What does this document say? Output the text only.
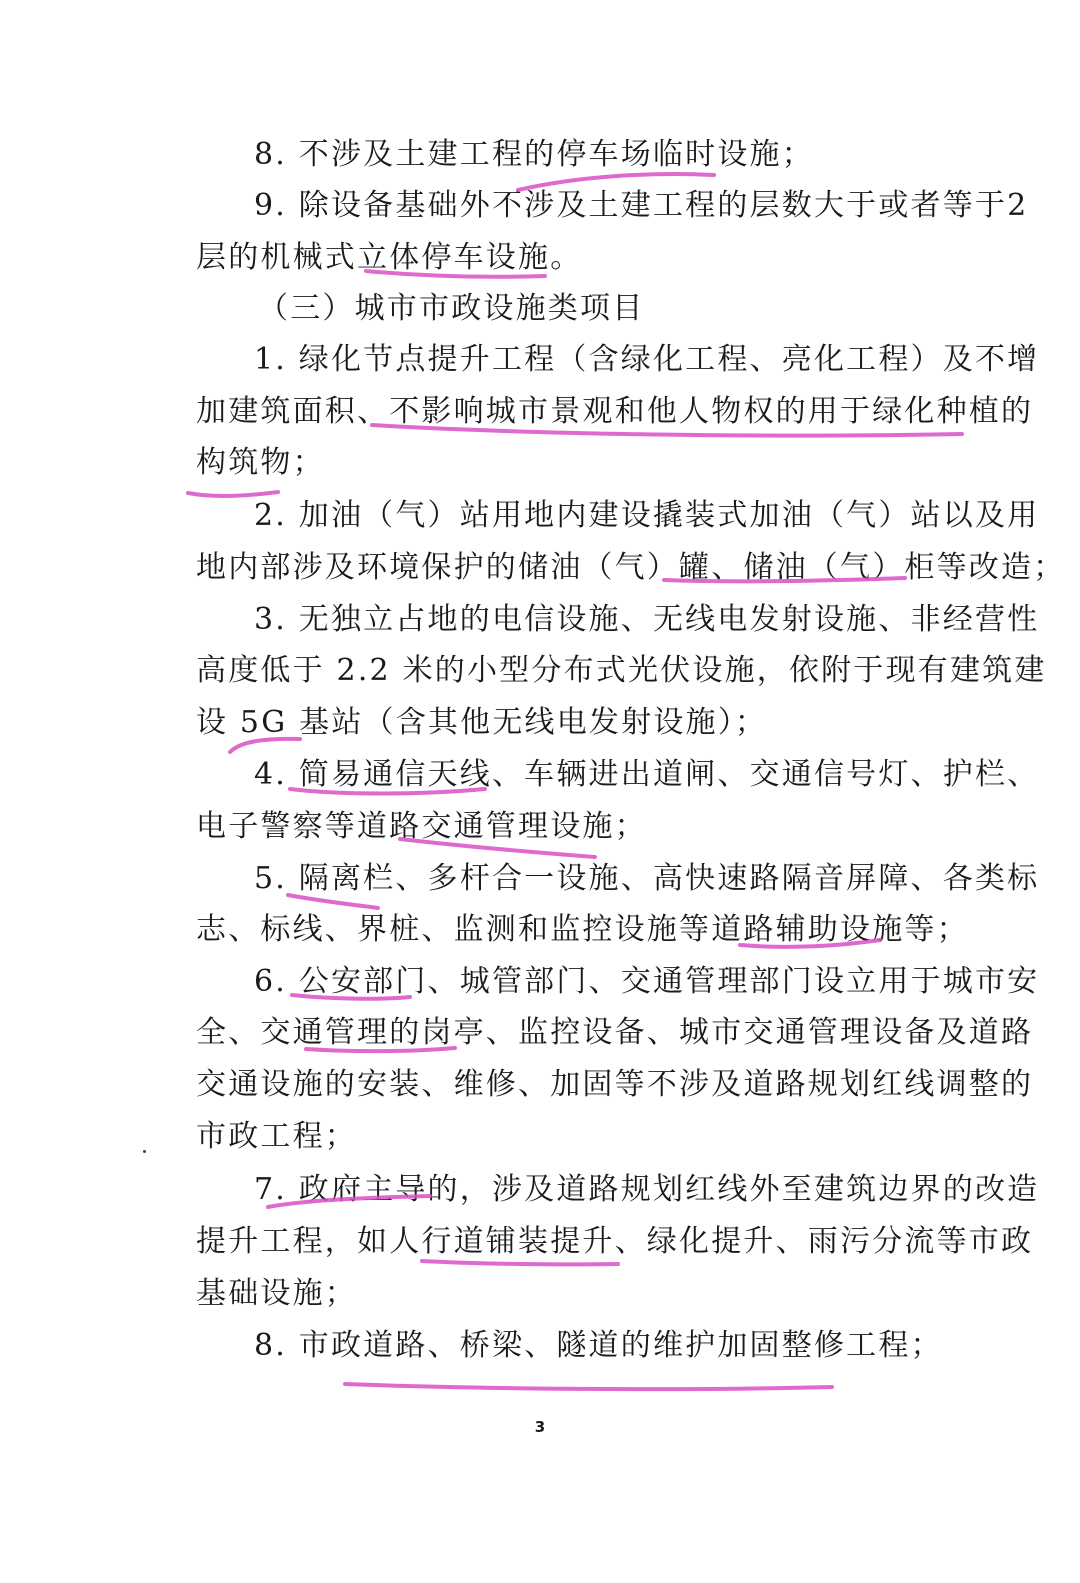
8. 不涉及土建工程的停车场临时设施；
9. 除设备基础外不涉及土建工程的层数大于或者等于2
层的机械式立体停车设施。
（三）城市市政设施类项目
1. 绿化节点提升工程（含绿化工程、亮化工程）及不增
加建筑面积、不影响城市景观和他人物权的用于绿化种植的
构筑物；
2. 加油（气）站用地内建设撬装式加油（气）站以及用
地内部涉及环境保护的储油（气）罐、储油（气）柜等改造；
3. 无独立占地的电信设施、无线电发射设施、非经营性
高度低于 2.2 米的小型分布式光伏设施，依附于现有建筑建
设 5G 基站（含其他无线电发射设施）；
4. 简易通信天线、车辆进出道闸、交通信号灯、护栏、
电子警察等道路交通管理设施；
5. 隔离栏、多杆合一设施、高快速路隔音屏障、各类标
志、标线、界桩、监测和监控设施等道路辅助设施等；
6. 公安部门、城管部门、交通管理部门设立用于城市安
全、交通管理的岗亭、监控设备、城市交通管理设备及道路
交通设施的安装、维修、加固等不涉及道路规划红线调整的
市政工程；
7. 政府主导的，涉及道路规划红线外至建筑边界的改造
提升工程，如人行道铺装提升、绿化提升、雨污分流等市政
基础设施；
8. 市政道路、桥梁、隧道的维护加固整修工程；
3
